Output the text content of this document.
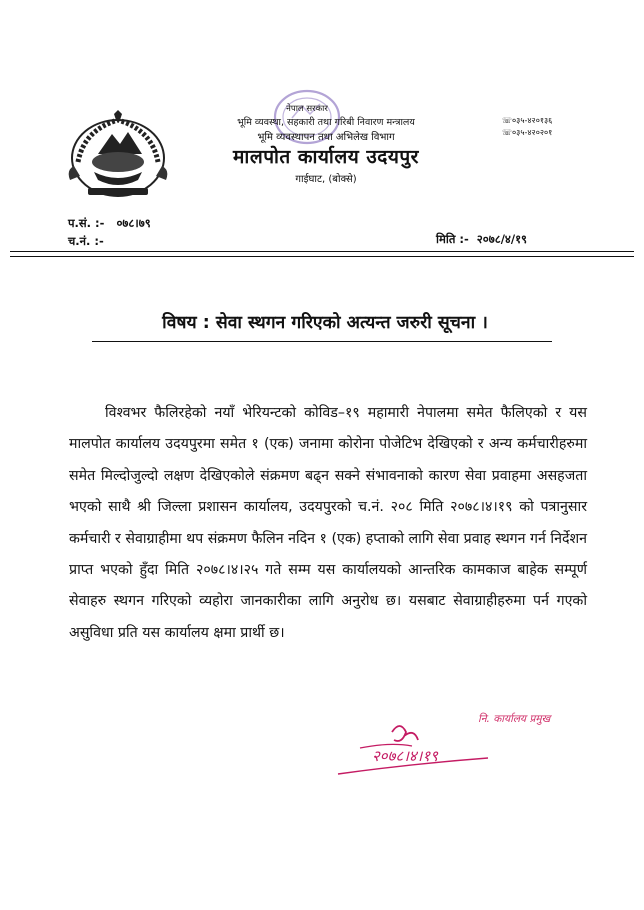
नेपाल सरकार
भूमि व्यवस्था, सहकारी तथा गरिबी निवारण मन्त्रालय
भूमि व्यवस्थापन तथा अभिलेख विभाग
मालपोत कार्यालय उदयपुर
गाईघाट, (बोक्से)
☏०३५-४२०१३६
☏०३५-४२०२०१
प.सं. :- ०७८।७९
च.नं. :-	मिति :- २०७८/४/१९
विषय : सेवा स्थगन गरिएको अत्यन्त जरुरी सूचना ।
विश्वभर फैलिरहेको नयाँ भेरियन्टको कोविड–१९ महामारी नेपालमा समेत फैलिएको र यस मालपोत कार्यालय उदयपुरमा समेत १ (एक) जनामा कोरोना पोजेटिभ देखिएको र अन्य कर्मचारीहरुमा समेत मिल्दोजुल्दो लक्षण देखिएकोले संक्रमण बढ्न सक्ने संभावनाको कारण सेवा प्रवाहमा असहजता भएको साथै श्री जिल्ला प्रशासन कार्यालय, उदयपुरको च.नं. २०८ मिति २०७८।४।१९ को पत्रानुसार कर्मचारी र सेवाग्राहीमा थप संक्रमण फैलिन नदिन १ (एक) हप्ताको लागि सेवा प्रवाह स्थगन गर्न निर्देशन प्राप्त भएको हुँदा मिति २०७८।४।२५ गते सम्म यस कार्यालयको आन्तरिक कामकाज बाहेक सम्पूर्ण सेवाहरु स्थगन गरिएको व्यहोरा जानकारीका लागि अनुरोध छ। यसबाट सेवाग्राहीहरुमा पर्न गएको असुविधा प्रति यस कार्यालय क्षमा प्रार्थी छ।
नि. कार्यालय प्रमुख
२०७८।४।१९
